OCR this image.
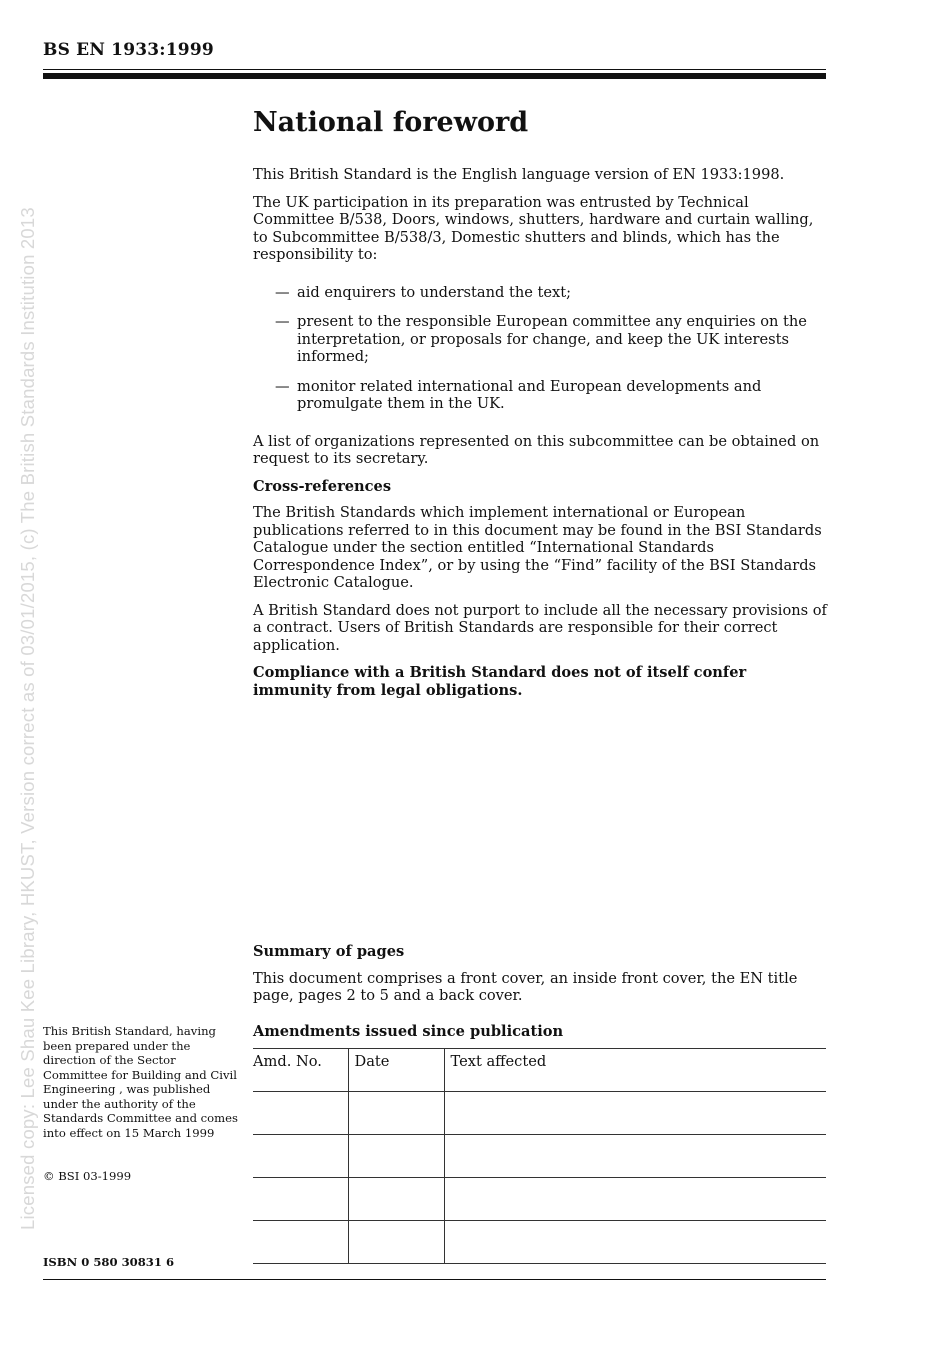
BS EN 1933:1999
Licensed copy: Lee Shau Kee Library, HKUST, Version correct as of 03/01/2015, (c) The British Standards Institution 2013
National foreword

This British Standard is the English language version of EN 1933:1998.

The UK participation in its preparation was entrusted by Technical Committee B/538, Doors, windows, shutters, hardware and curtain walling, to Subcommittee B/538/3, Domestic shutters and blinds, which has the responsibility to:

— aid enquirers to understand the text;
— present to the responsible European committee any enquiries on the interpretation, or proposals for change, and keep the UK interests informed;
— monitor related international and European developments and promulgate them in the UK.

A list of organizations represented on this subcommittee can be obtained on request to its secretary.

Cross-references

The British Standards which implement international or European publications referred to in this document may be found in the BSI Standards Catalogue under the section entitled “International Standards Correspondence Index”, or by using the “Find” facility of the BSI Standards Electronic Catalogue.

A British Standard does not purport to include all the necessary provisions of a contract. Users of British Standards are responsible for their correct application.

Compliance with a British Standard does not of itself confer immunity from legal obligations.

Summary of pages

This document comprises a front cover, an inside front cover, the EN title page, pages 2 to 5 and a back cover.

Amendments issued since publication

Amd. No.	Date	Text affected

This British Standard, having been prepared under the direction of the Sector Committee for Building and Civil Engineering , was published under the authority of the Standards Committee and comes into effect on 15 March 1999
© BSI 03-1999
ISBN 0 580 30831 6
